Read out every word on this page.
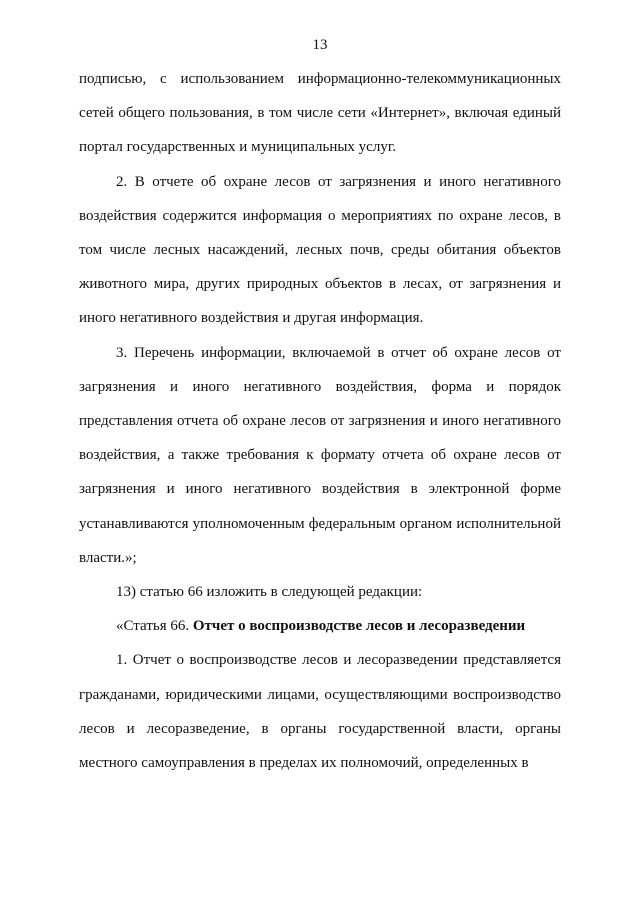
13

подписью, с использованием информационно-телекоммуникационных сетей общего пользования, в том числе сети «Интернет», включая единый портал государственных и муниципальных услуг.

2. В отчете об охране лесов от загрязнения и иного негативного воздействия содержится информация о мероприятиях по охране лесов, в том числе лесных насаждений, лесных почв, среды обитания объектов животного мира, других природных объектов в лесах, от загрязнения и иного негативного воздействия и другая информация.

3. Перечень информации, включаемой в отчет об охране лесов от загрязнения и иного негативного воздействия, форма и порядок представления отчета об охране лесов от загрязнения и иного негативного воздействия, а также требования к формату отчета об охране лесов от загрязнения и иного негативного воздействия в электронной форме устанавливаются уполномоченным федеральным органом исполнительной власти.»;

13) статью 66 изложить в следующей редакции:

«Статья 66. Отчет о воспроизводстве лесов и лесоразведении

1. Отчет о воспроизводстве лесов и лесоразведении представляется гражданами, юридическими лицами, осуществляющими воспроизводство лесов и лесоразведение, в органы государственной власти, органы местного самоуправления в пределах их полномочий, определенных в
